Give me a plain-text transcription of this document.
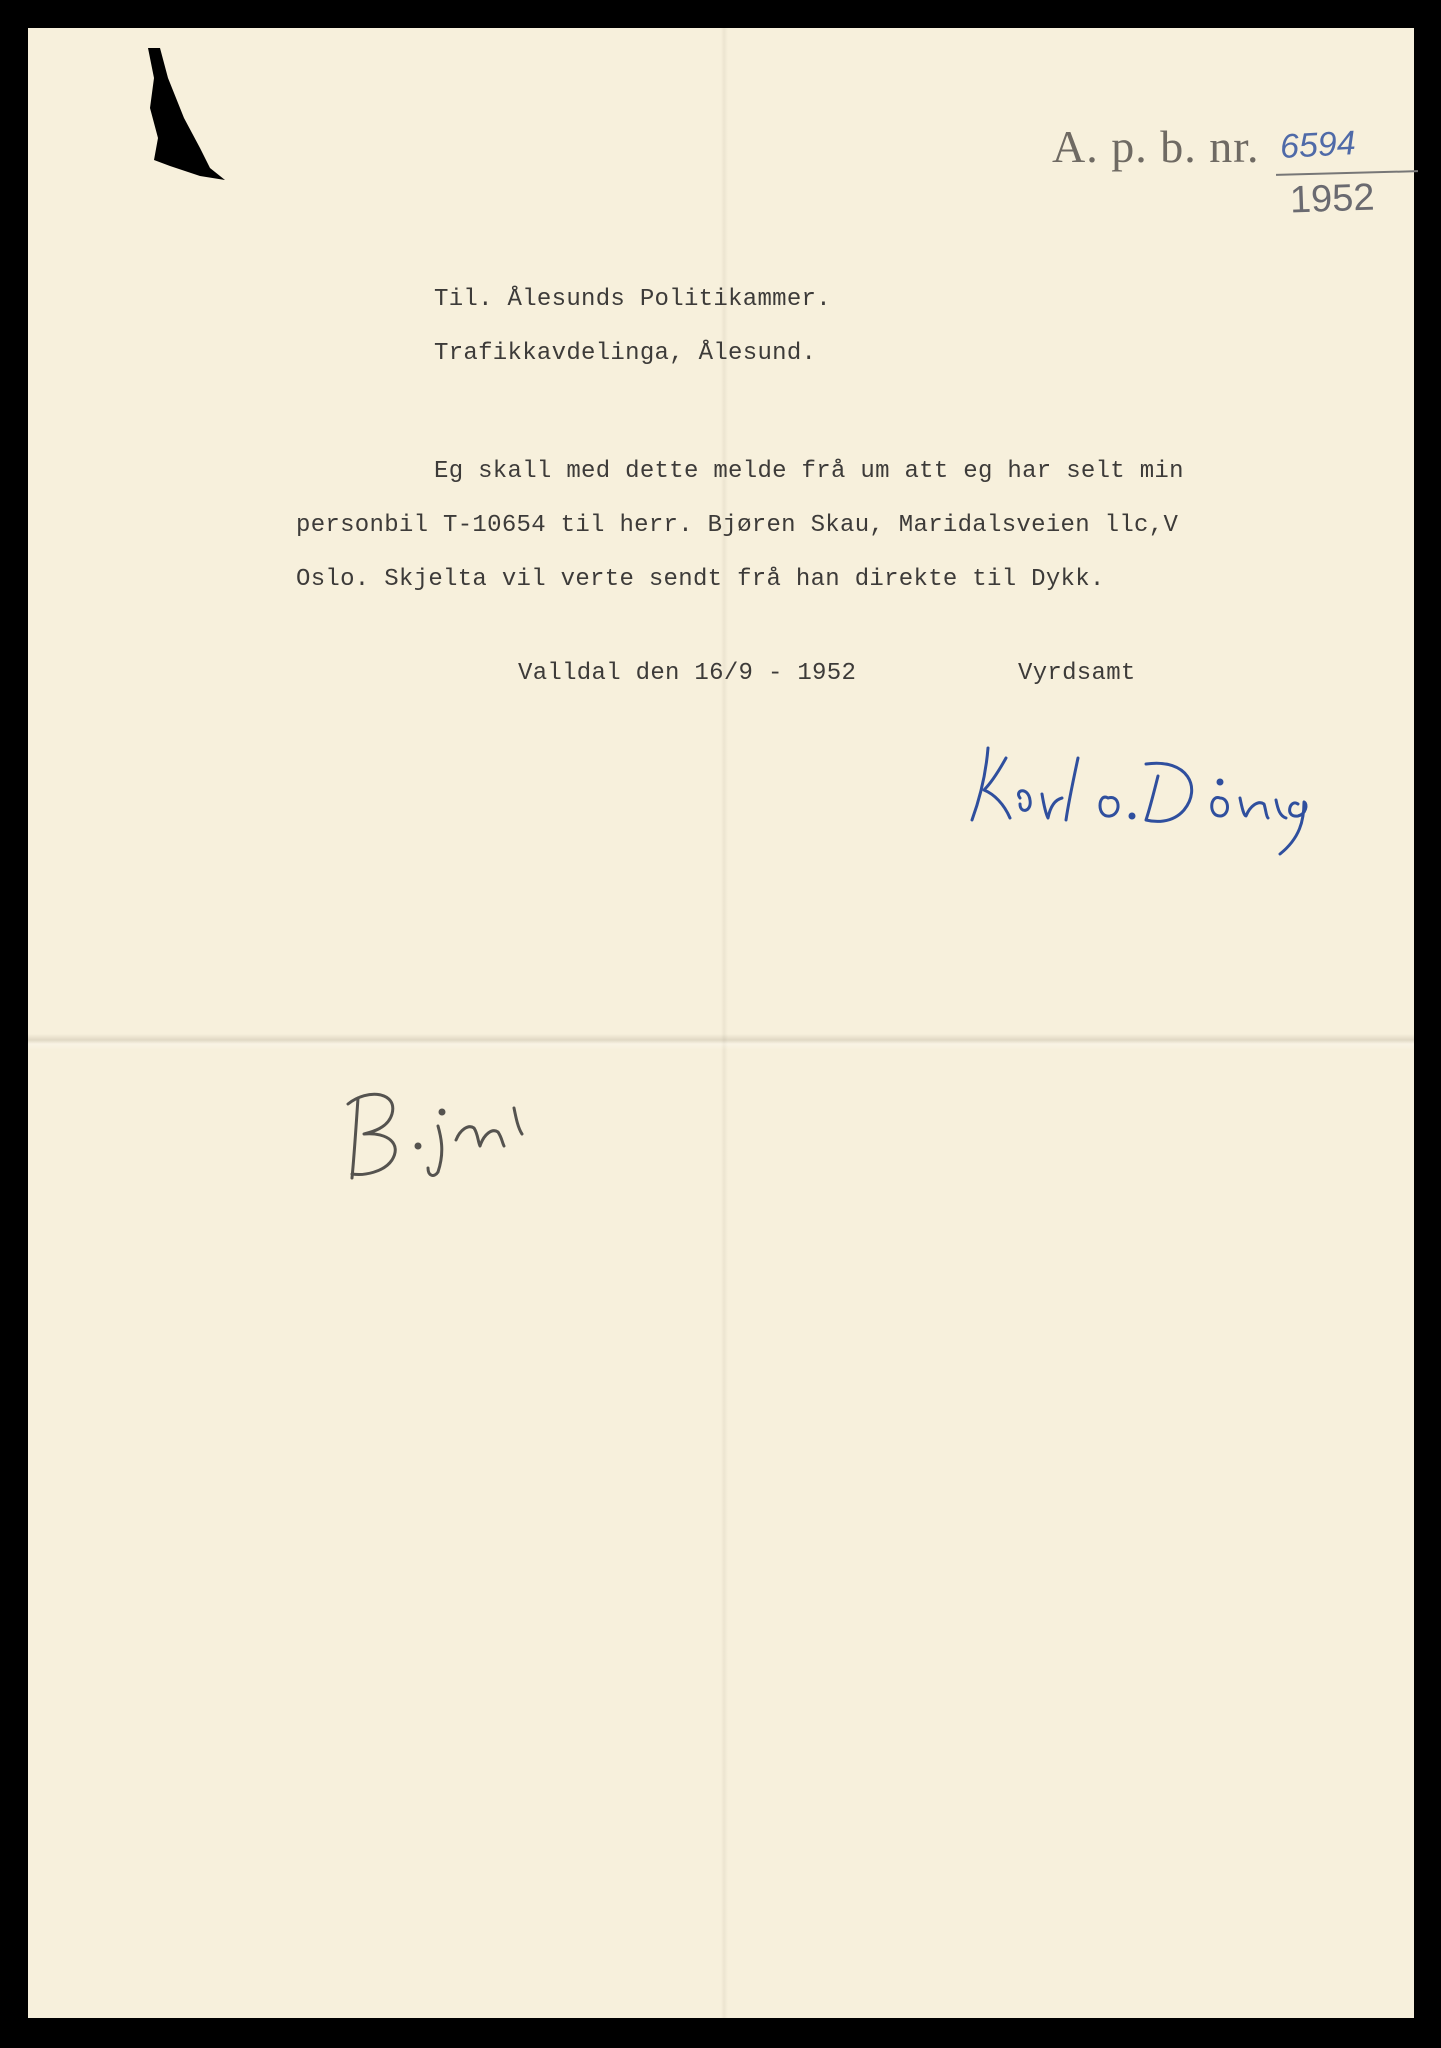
A. p. b. nr. 6594
1952
Til. Ålesunds Politikammer.
Trafikkavdelinga, Ålesund.
Eg skall med dette melde frå um att eg har selt min
personbil T-10654 til herr. Bjøren Skau, Maridalsveien llc,V
Oslo. Skjelta vil verte sendt frå han direkte til Dykk.
Valldal den 16/9 - 1952	Vyrdsamt
